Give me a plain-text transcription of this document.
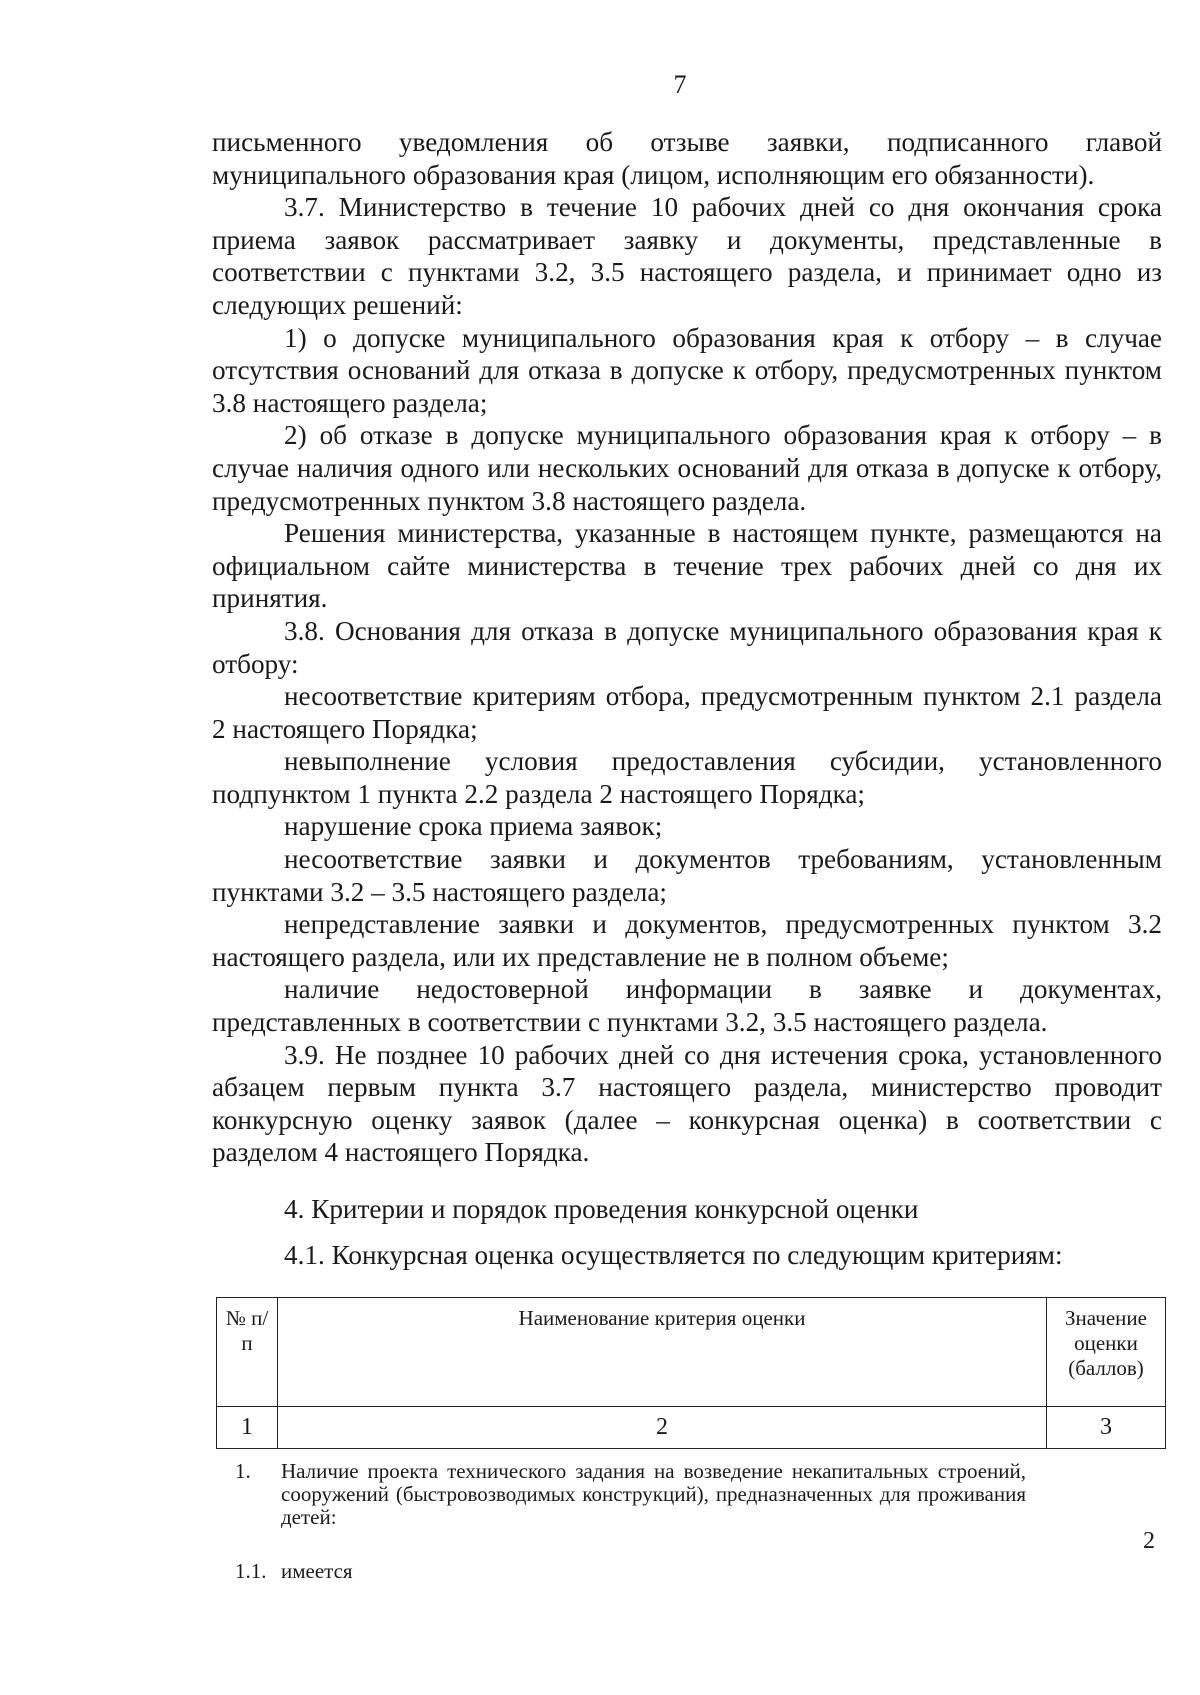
7

письменного уведомления об отзыве заявки, подписанного главой муниципального образования края (лицом, исполняющим его обязанности).

3.7. Министерство в течение 10 рабочих дней со дня окончания срока приема заявок рассматривает заявку и документы, представленные в соответствии с пунктами 3.2, 3.5 настоящего раздела, и принимает одно из следующих решений:

1) о допуске муниципального образования края к отбору – в случае отсутствия оснований для отказа в допуске к отбору, предусмотренных пунктом 3.8 настоящего раздела;

2) об отказе в допуске муниципального образования края к отбору – в случае наличия одного или нескольких оснований для отказа в допуске к отбору, предусмотренных пунктом 3.8 настоящего раздела.

Решения министерства, указанные в настоящем пункте, размещаются на официальном сайте министерства в течение трех рабочих дней со дня их принятия.

3.8. Основания для отказа в допуске муниципального образования края к отбору:

несоответствие критериям отбора, предусмотренным пунктом 2.1 раздела 2 настоящего Порядка;

невыполнение условия предоставления субсидии, установленного подпунктом 1 пункта 2.2 раздела 2 настоящего Порядка;

нарушение срока приема заявок;

несоответствие заявки и документов требованиям, установленным пунктами 3.2 – 3.5 настоящего раздела;

непредставление заявки и документов, предусмотренных пунктом 3.2 настоящего раздела, или их представление не в полном объеме;

наличие недостоверной информации в заявке и документах, представленных в соответствии с пунктами 3.2, 3.5 настоящего раздела.

3.9. Не позднее 10 рабочих дней со дня истечения срока, установленного абзацем первым пункта 3.7 настоящего раздела, министерство проводит конкурсную оценку заявок (далее – конкурсная оценка) в соответствии с разделом 4 настоящего Порядка.

4. Критерии и порядок проведения конкурсной оценки
4.1. Конкурсная оценка осуществляется по следующим критериям:
№ п/п	Наименование критерия оценки	Значение оценки (баллов)
1	2	3
1.	Наличие проекта технического задания на возведение некапитальных строений, сооружений (быстровозводимых конструкций), предназначенных для проживания детей:
1.1. имеется
2
